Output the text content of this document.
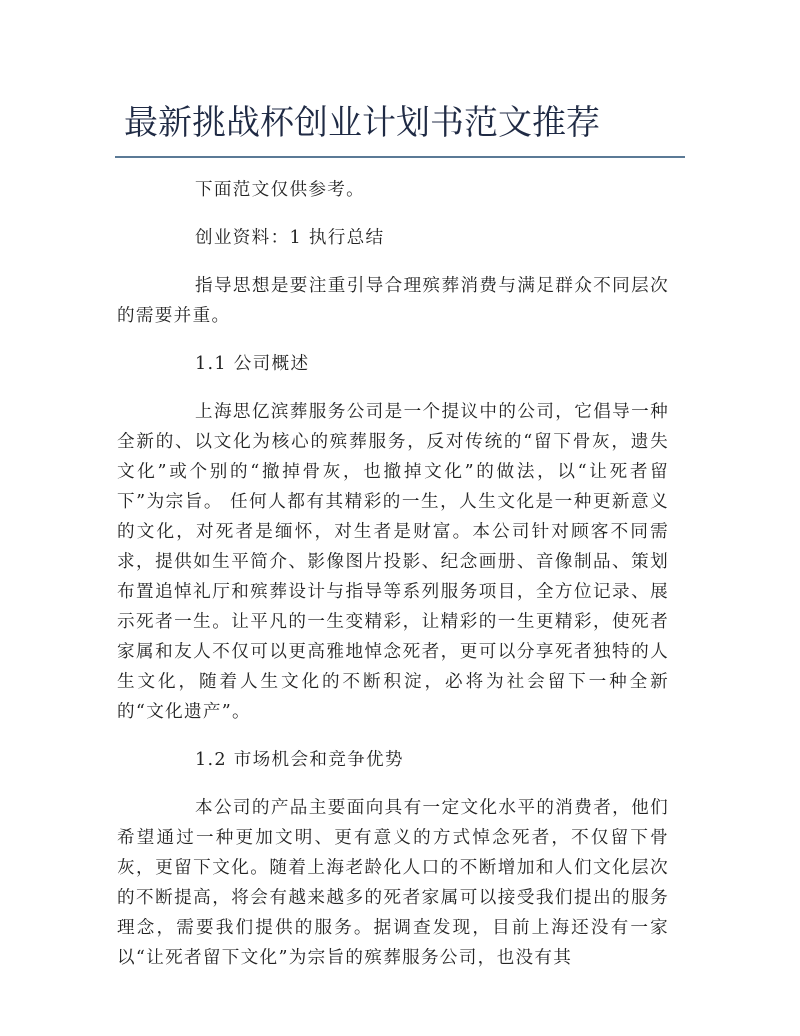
最新挑战杯创业计划书范文推荐

下面范文仅供参考。

创业资料：1 执行总结

指导思想是要注重引导合理殡葬消费与满足群众不同层次的需要并重。

1.1 公司概述

上海思亿滨葬服务公司是一个提议中的公司，它倡导一种全新的、以文化为核心的殡葬服务，反对传统的“留下骨灰，遗失文化”或个别的“撤掉骨灰，也撤掉文化”的做法，以“让死者留下”为宗旨。 任何人都有其精彩的一生，人生文化是一种更新意义的文化，对死者是缅怀，对生者是财富。本公司针对顾客不同需求，提供如生平简介、影像图片投影、纪念画册、音像制品、策划布置追悼礼厅和殡葬设计与指导等系列服务项目，全方位记录、展示死者一生。让平凡的一生变精彩，让精彩的一生更精彩，使死者家属和友人不仅可以更高雅地悼念死者，更可以分享死者独特的人生文化，随着人生文化的不断积淀，必将为社会留下一种全新的“文化遗产”。

1.2 市场机会和竞争优势

本公司的产品主要面向具有一定文化水平的消费者，他们希望通过一种更加文明、更有意义的方式悼念死者，不仅留下骨灰，更留下文化。随着上海老龄化人口的不断增加和人们文化层次的不断提高，将会有越来越多的死者家属可以接受我们提出的服务理念，需要我们提供的服务。据调查发现，目前上海还没有一家以“让死者留下文化”为宗旨的殡葬服务公司，也没有其
